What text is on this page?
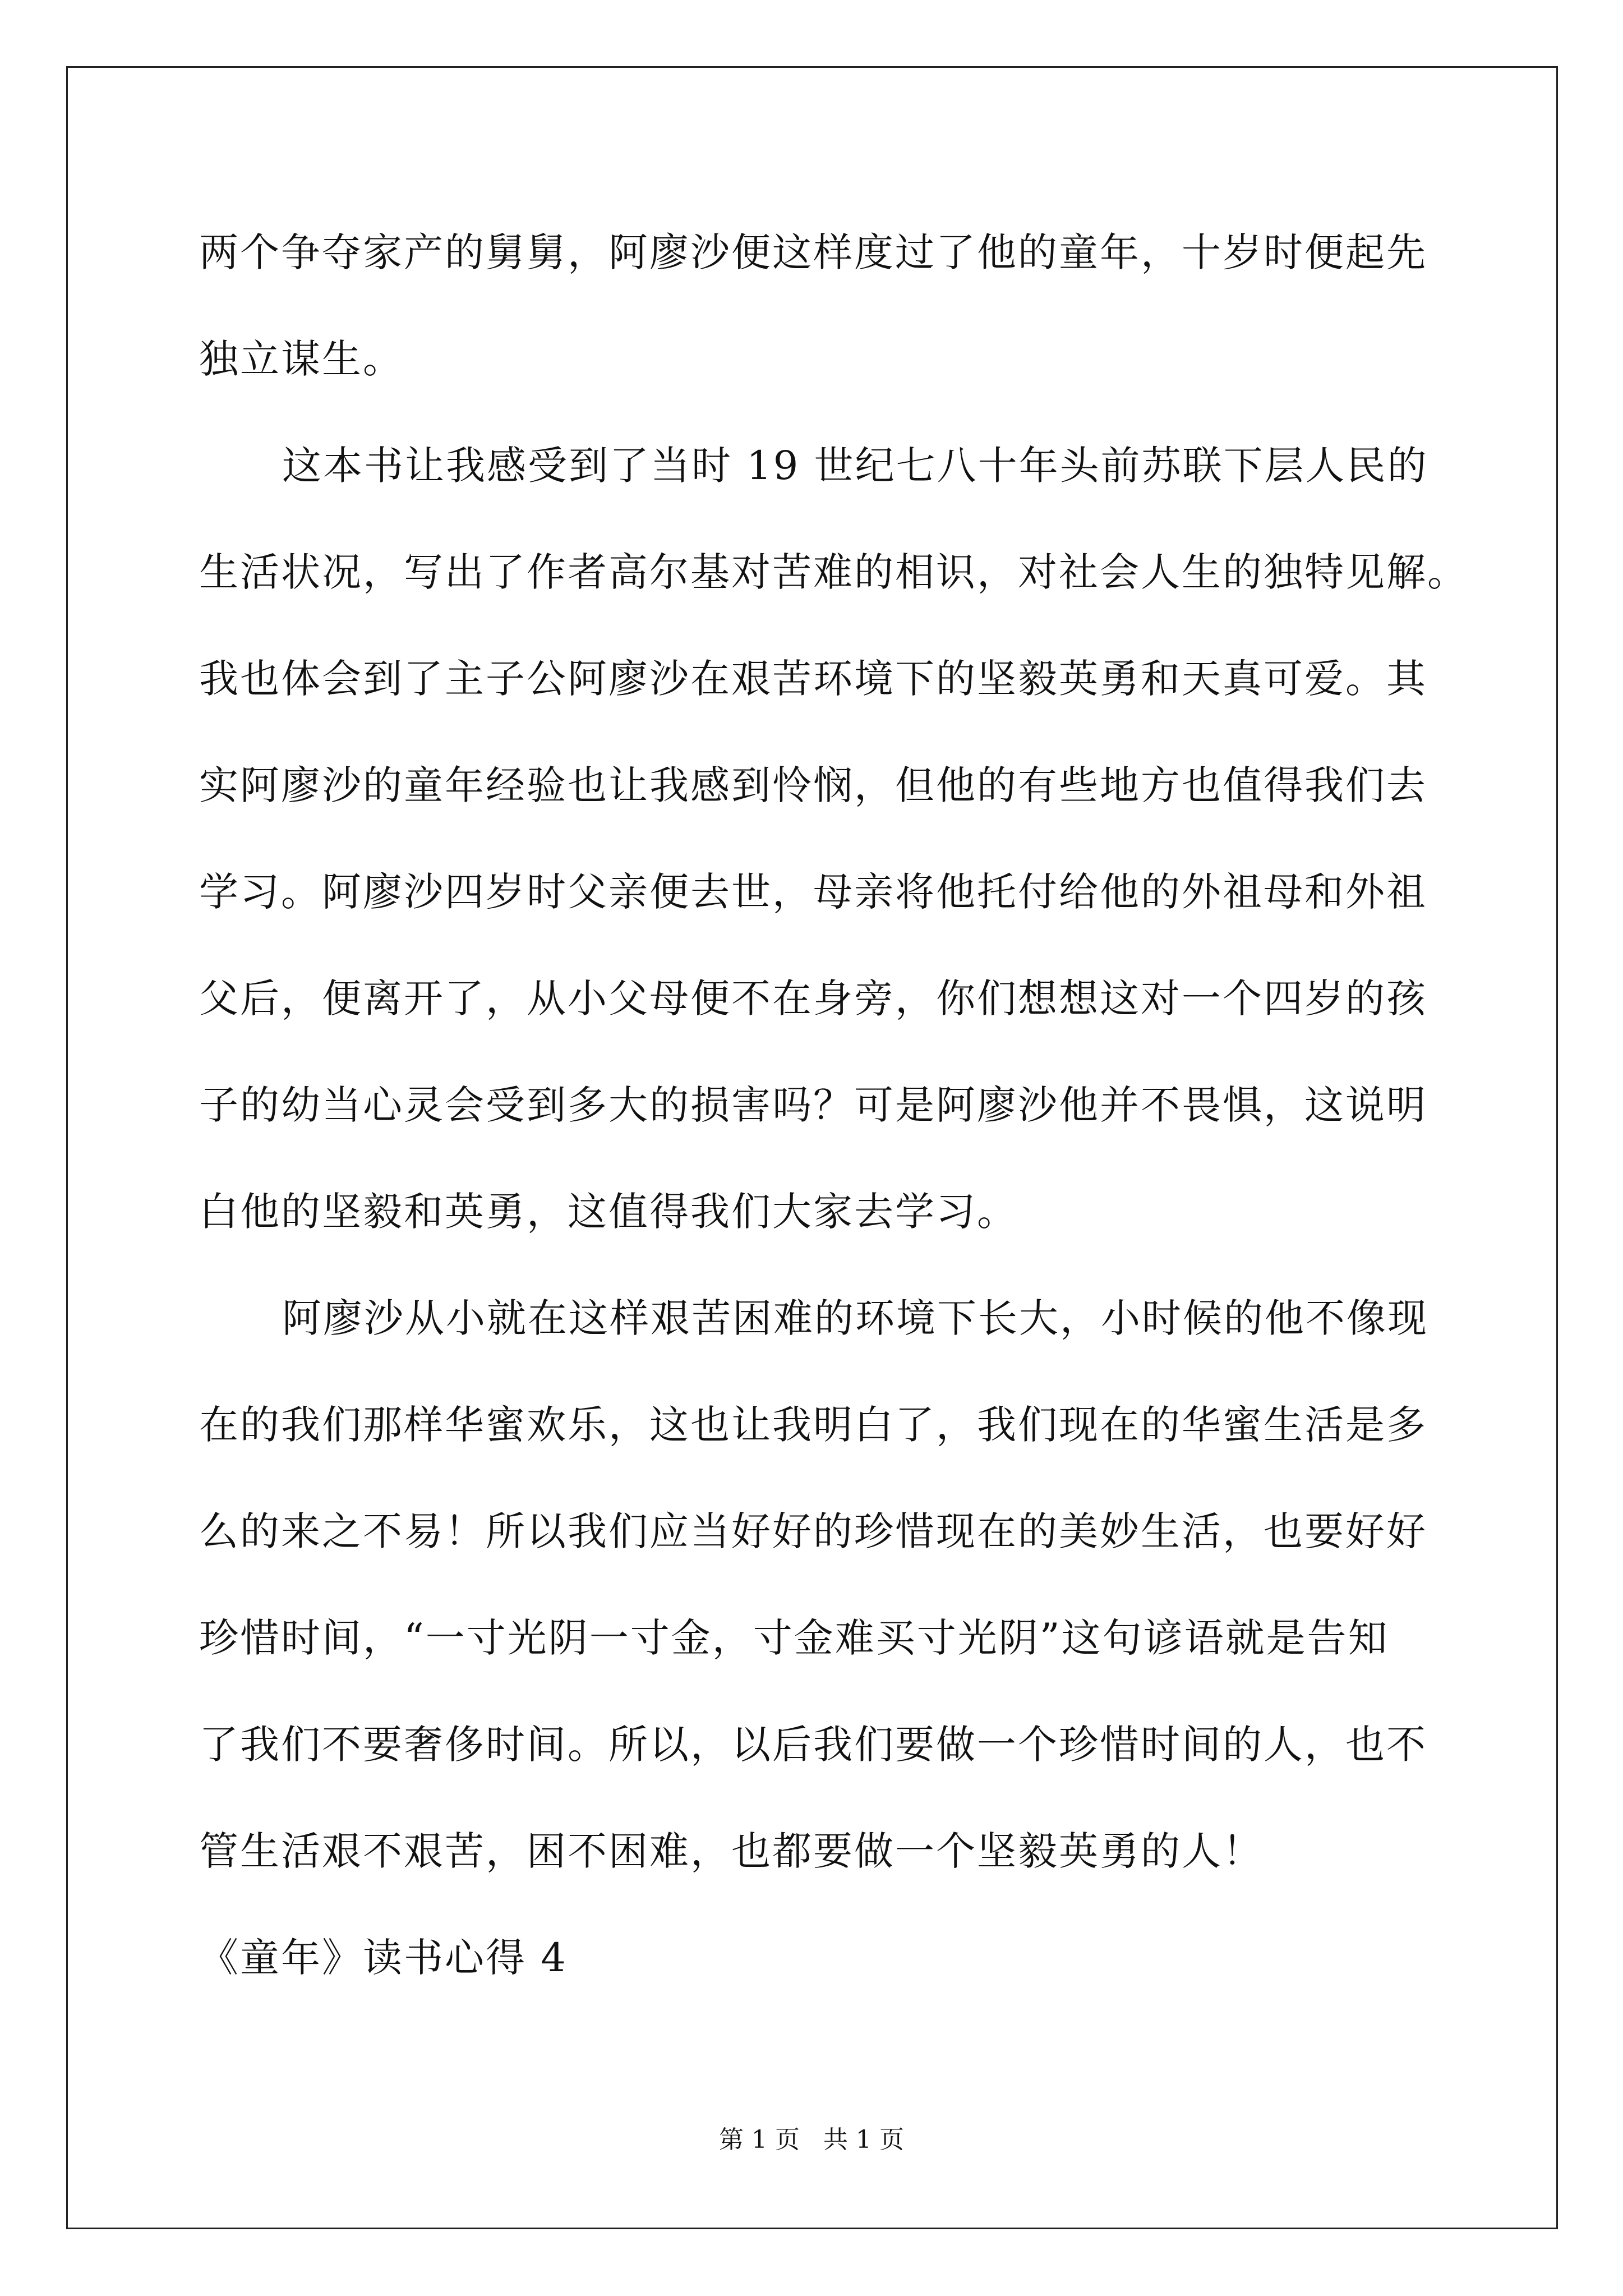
两个争夺家产的舅舅，阿廖沙便这样度过了他的童年，十岁时便起先
独立谋生。
这本书让我感受到了当时 19 世纪七八十年头前苏联下层人民的
生活状况，写出了作者高尔基对苦难的相识，对社会人生的独特见解。
我也体会到了主子公阿廖沙在艰苦环境下的坚毅英勇和天真可爱。其
实阿廖沙的童年经验也让我感到怜悯，但他的有些地方也值得我们去
学习。阿廖沙四岁时父亲便去世，母亲将他托付给他的外祖母和外祖
父后，便离开了，从小父母便不在身旁，你们想想这对一个四岁的孩
子的幼当心灵会受到多大的损害吗？可是阿廖沙他并不畏惧，这说明
白他的坚毅和英勇，这值得我们大家去学习。
阿廖沙从小就在这样艰苦困难的环境下长大，小时候的他不像现
在的我们那样华蜜欢乐，这也让我明白了，我们现在的华蜜生活是多
么的来之不易！所以我们应当好好的珍惜现在的美妙生活，也要好好
珍惜时间，“一寸光阴一寸金，寸金难买寸光阴”这句谚语就是告知
了我们不要奢侈时间。所以，以后我们要做一个珍惜时间的人，也不
管生活艰不艰苦，困不困难，也都要做一个坚毅英勇的人！
《童年》读书心得 4
第 1 页   共 1 页
